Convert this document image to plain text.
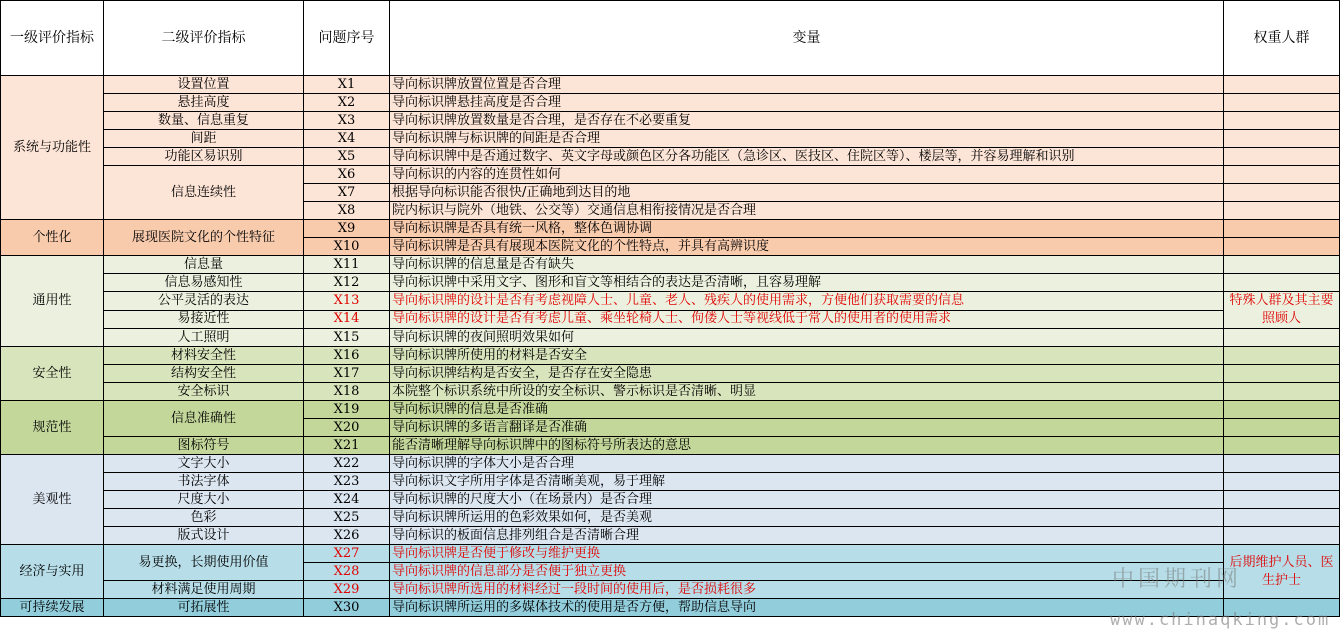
一级评价指标	二级评价指标	问题序号	变量	权重人群
系统与功能性	设置位置	X1	导向标识牌放置位置是否合理	
	悬挂高度	X2	导向标识牌悬挂高度是否合理	
	数量、信息重复	X3	导向标识牌放置数量是否合理，是否存在不必要重复	
	间距	X4	导向标识牌与标识牌的间距是否合理	
	功能区易识别	X5	导向标识牌中是否通过数字、英文字母或颜色区分各功能区（急诊区、医技区、住院区等）、楼层等，并容易理解和识别	
	信息连续性	X6	导向标识的内容的连贯性如何	
		X7	根据导向标识能否很快/正确地到达目的地	
		X8	院内标识与院外（地铁、公交等）交通信息相衔接情况是否合理	
个性化	展现医院文化的个性特征	X9	导向标识牌是否具有统一风格，整体色调协调	
		X10	导向标识牌是否具有展现本医院文化的个性特点，并具有高辨识度	
通用性	信息量	X11	导向标识牌的信息量是否有缺失	
	信息易感知性	X12	导向标识牌中采用文字、图形和盲文等相结合的表达是否清晰，且容易理解	
	公平灵活的表达	X13	导向标识牌的设计是否有考虑视障人士、儿童、老人、残疾人的使用需求，方便他们获取需要的信息	特殊人群及其主要照顾人
	易接近性	X14	导向标识牌的设计是否有考虑儿童、乘坐轮椅人士、佝偻人士等视线低于常人的使用者的使用需求	
	人工照明	X15	导向标识牌的夜间照明效果如何	
安全性	材料安全性	X16	导向标识牌所使用的材料是否安全	
	结构安全性	X17	导向标识牌结构是否安全，是否存在安全隐患	
	安全标识	X18	本院整个标识系统中所设的安全标识、警示标识是否清晰、明显	
规范性	信息准确性	X19	导向标识牌的信息是否准确	
		X20	导向标识牌的多语言翻译是否准确	
	图标符号	X21	能否清晰理解导向标识牌中的图标符号所表达的意思	
美观性	文字大小	X22	导向标识牌的字体大小是否合理	
	书法字体	X23	导向标识文字所用字体是否清晰美观，易于理解	
	尺度大小	X24	导向标识牌的尺度大小（在场景内）是否合理	
	色彩	X25	导向标识牌所运用的色彩效果如何，是否美观	
	版式设计	X26	导向标识的板面信息排列组合是否清晰合理	
经济与实用	易更换，长期使用价值	X27	导向标识牌是否便于修改与维护更换	后期维护人员、医生护士
		X28	导向标识牌的信息部分是否便于独立更换	
	材料满足使用周期	X29	导向标识牌所选用的材料经过一段时间的使用后，是否损耗很多	
可持续发展	可拓展性	X30	导向标识牌所运用的多媒体技术的使用是否方便，帮助信息导向	
中国期刊网
www.chinaqking.com
